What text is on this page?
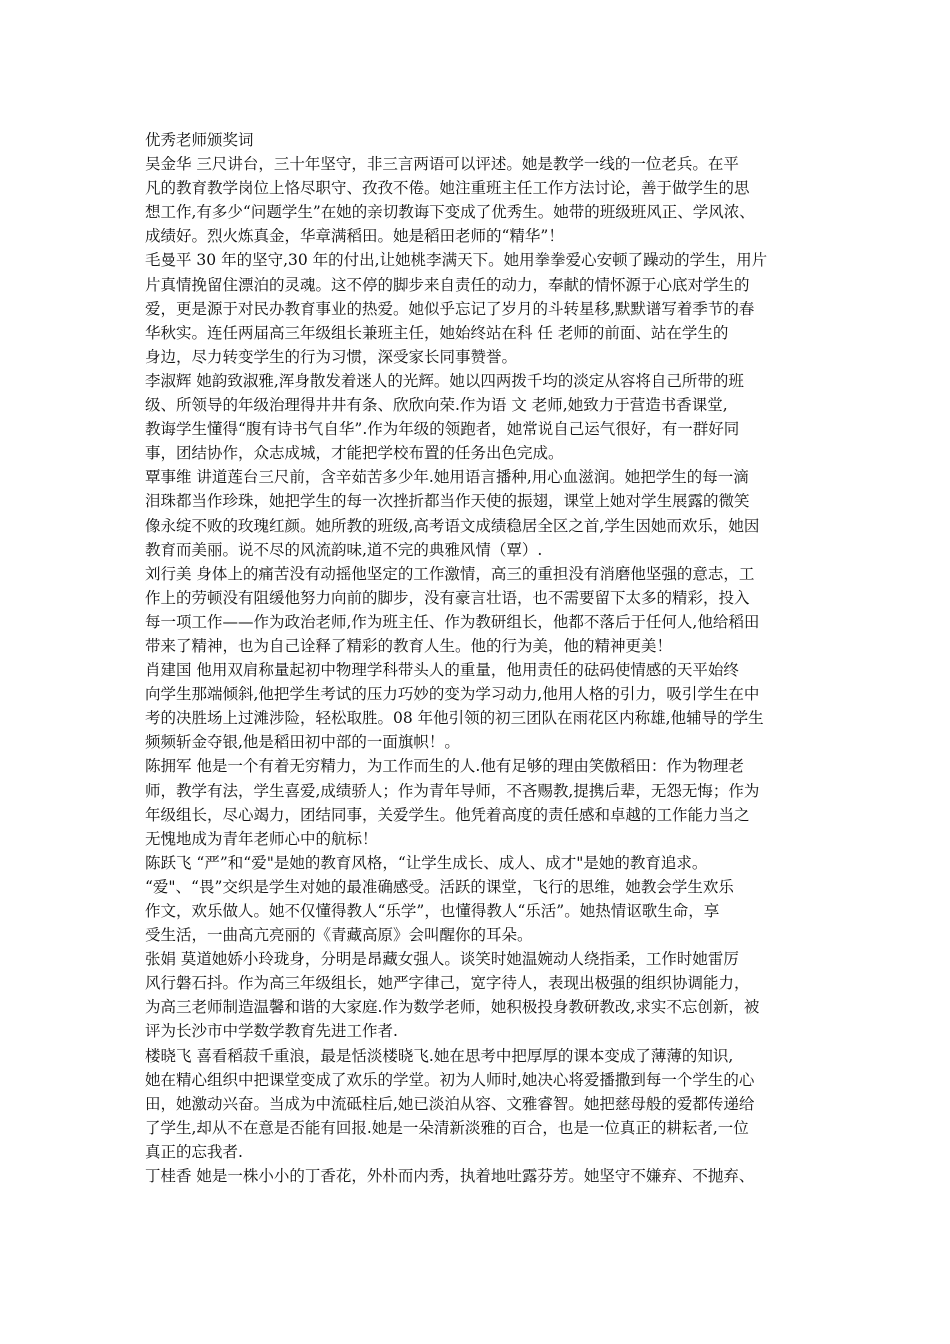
优秀老师颁奖词

吴金华 三尺讲台，三十年坚守，非三言两语可以评述。她是教学一线的一位老兵。在平
凡的教育教学岗位上恪尽职守、孜孜不倦。她注重班主任工作方法讨论，善于做学生的思
想工作,有多少“问题学生”在她的亲切教诲下变成了优秀生。她带的班级班风正、学风浓、
成绩好。烈火炼真金，华章满稻田。她是稻田老师的“精华”！

毛曼平 30 年的坚守,30 年的付出,让她桃李满天下。她用拳拳爱心安顿了躁动的学生，用片
片真情挽留住漂泊的灵魂。这不停的脚步来自责任的动力，奉献的情怀源于心底对学生的
爱，更是源于对民办教育事业的热爱。她似乎忘记了岁月的斗转星移,默默谱写着季节的春
华秋实。连任两届高三年级组长兼班主任，她始终站在科 任 老师的前面、站在学生的
身边，尽力转变学生的行为习惯，深受家长同事赞誉。

李淑辉 她韵致淑雅,浑身散发着迷人的光辉。她以四两拨千均的淡定从容将自己所带的班
级、所领导的年级治理得井井有条、欣欣向荣.作为语 文 老师,她致力于营造书香课堂,
教诲学生懂得“腹有诗书气自华”.作为年级的领跑者，她常说自己运气很好，有一群好同
事，团结协作，众志成城，才能把学校布置的任务出色完成。

覃事维 讲道莲台三尺前，含辛茹苦多少年.她用语言播种,用心血滋润。她把学生的每一滴
泪珠都当作珍珠，她把学生的每一次挫折都当作天使的振翅，课堂上她对学生展露的微笑
像永绽不败的玫瑰红颜。她所教的班级,高考语文成绩稳居全区之首,学生因她而欢乐，她因
教育而美丽。说不尽的风流韵味,道不完的典雅风情（覃）.

刘行美 身体上的痛苦没有动摇他坚定的工作激情，高三的重担没有消磨他坚强的意志，工
作上的劳顿没有阻缓他努力向前的脚步，没有豪言壮语，也不需要留下太多的精彩，投入
每一项工作——作为政治老师,作为班主任、作为教研组长，他都不落后于任何人,他给稻田
带来了精神，也为自己诠释了精彩的教育人生。他的行为美，他的精神更美！

肖建国 他用双肩称量起初中物理学科带头人的重量，他用责任的砝码使情感的天平始终
向学生那端倾斜,他把学生考试的压力巧妙的变为学习动力,他用人格的引力，吸引学生在中
考的决胜场上过滩涉险，轻松取胜。08 年他引领的初三团队在雨花区内称雄,他辅导的学生
频频斩金夺银,他是稻田初中部的一面旗帜！。

陈拥军 他是一个有着无穷精力，为工作而生的人.他有足够的理由笑傲稻田：作为物理老
师，教学有法，学生喜爱,成绩骄人；作为青年导师，不吝赐教,提携后辈，无怨无悔；作为
年级组长，尽心竭力，团结同事，关爱学生。他凭着高度的责任感和卓越的工作能力当之
无愧地成为青年老师心中的航标！

陈跃飞 “严”和“爱"是她的教育风格，“让学生成长、成人、成才"是她的教育追求。
“爱"、“畏”交织是学生对她的最准确感受。活跃的课堂，飞行的思维，她教会学生欢乐
作文，欢乐做人。她不仅懂得教人“乐学”，也懂得教人“乐活”。她热情讴歌生命，享
受生活，一曲高亢亮丽的《青藏高原》会叫醒你的耳朵。

张娟 莫道她娇小玲珑身，分明是昂藏女强人。谈笑时她温婉动人绕指柔，工作时她雷厉
风行磐石抖。作为高三年级组长，她严字律己，宽字待人，表现出极强的组织协调能力，
为高三老师制造温馨和谐的大家庭.作为数学老师，她积极投身教研教改,求实不忘创新，被
评为长沙市中学数学教育先进工作者.

楼晓飞 喜看稻菽千重浪，最是恬淡楼晓飞.她在思考中把厚厚的课本变成了薄薄的知识,
她在精心组织中把课堂变成了欢乐的学堂。初为人师时,她决心将爱播撒到每一个学生的心
田，她激动兴奋。当成为中流砥柱后,她已淡泊从容、文雅睿智。她把慈母般的爱都传递给
了学生,却从不在意是否能有回报.她是一朵清新淡雅的百合，也是一位真正的耕耘者,一位
真正的忘我者.

丁桂香 她是一株小小的丁香花，外朴而内秀，执着地吐露芬芳。她坚守不嫌弃、不抛弃、
